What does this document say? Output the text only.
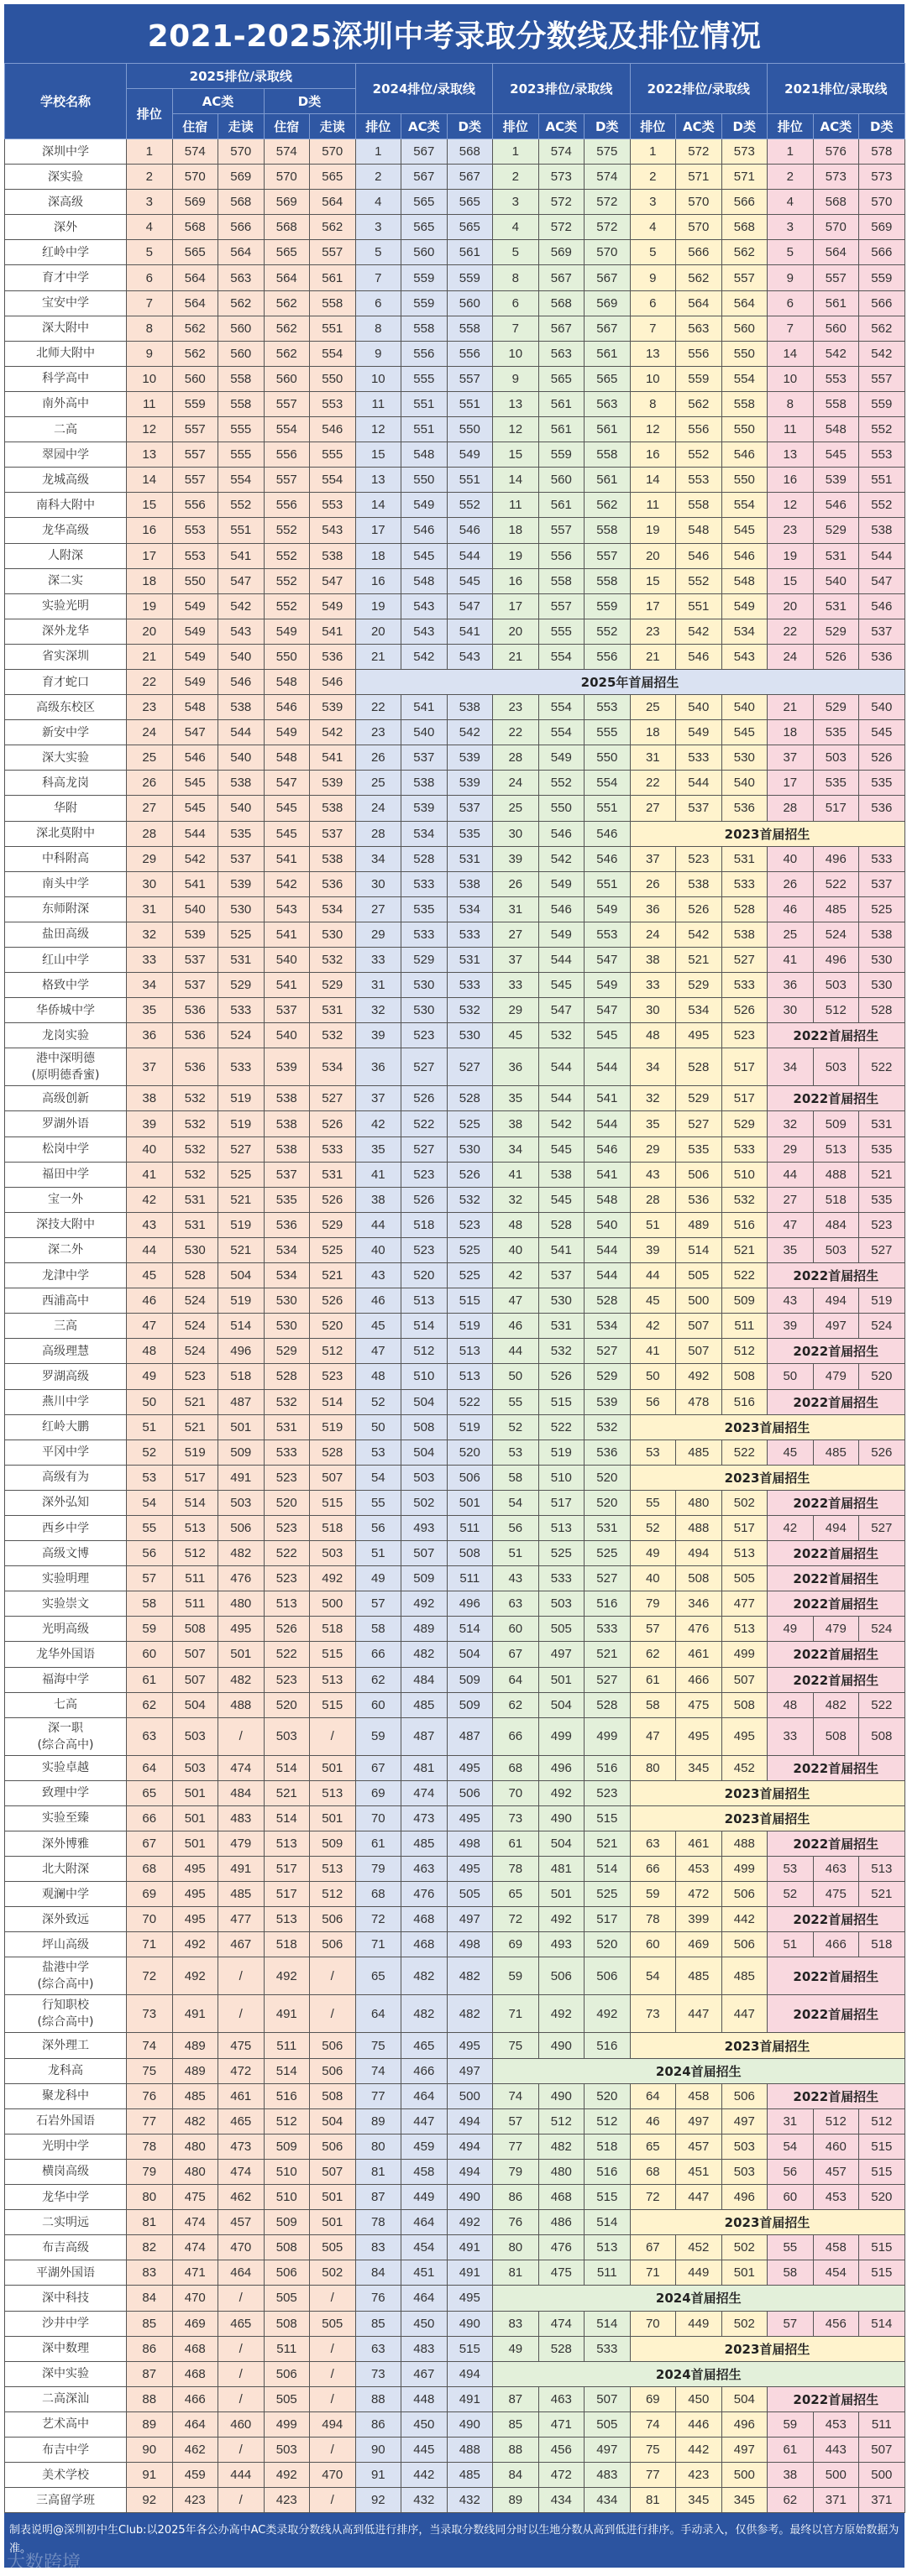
2021-2025深圳中考录取分数线及排位情况
学校名称	2025排位/录取线					2024排位/录取线			2023排位/录取线			2022排位/录取线			2021排位/录取线		
	排位	AC类		D类													
		住宿	走读	住宿	走读	排位	AC类	D类	排位	AC类	D类	排位	AC类	D类	排位	AC类	D类
深圳中学	1	574	570	574	570	1	567	568	1	574	575	1	572	573	1	576	578
深实验	2	570	569	570	565	2	567	567	2	573	574	2	571	571	2	573	573
深高级	3	569	568	569	564	4	565	565	3	572	572	3	570	566	4	568	570
深外	4	568	566	568	562	3	565	565	4	572	572	4	570	568	3	570	569
红岭中学	5	565	564	565	557	5	560	561	5	569	570	5	566	562	5	564	566
育才中学	6	564	563	564	561	7	559	559	8	567	567	9	562	557	9	557	559
宝安中学	7	564	562	562	558	6	559	560	6	568	569	6	564	564	6	561	566
深大附中	8	562	560	562	551	8	558	558	7	567	567	7	563	560	7	560	562
北师大附中	9	562	560	562	554	9	556	556	10	563	561	13	556	550	14	542	542
科学高中	10	560	558	560	550	10	555	557	9	565	565	10	559	554	10	553	557
南外高中	11	559	558	557	553	11	551	551	13	561	563	8	562	558	8	558	559
二高	12	557	555	554	546	12	551	550	12	561	561	12	556	550	11	548	552
翠园中学	13	557	555	556	555	15	548	549	15	559	558	16	552	546	13	545	553
龙城高级	14	557	554	557	554	13	550	551	14	560	561	14	553	550	16	539	551
南科大附中	15	556	552	556	553	14	549	552	11	561	562	11	558	554	12	546	552
龙华高级	16	553	551	552	543	17	546	546	18	557	558	19	548	545	23	529	538
人附深	17	553	541	552	538	18	545	544	19	556	557	20	546	546	19	531	544
深二实	18	550	547	552	547	16	548	545	16	558	558	15	552	548	15	540	547
实验光明	19	549	542	552	549	19	543	547	17	557	559	17	551	549	20	531	546
深外龙华	20	549	543	549	541	20	543	541	20	555	552	23	542	534	22	529	537
省实深圳	21	549	540	550	536	21	542	543	21	554	556	21	546	543	24	526	536
育才蛇口	22	549	546	548	546	2025年首届招生											
高级东校区	23	548	538	546	539	22	541	538	23	554	553	25	540	540	21	529	540
新安中学	24	547	544	549	542	23	540	542	22	554	555	18	549	545	18	535	545
深大实验	25	546	540	548	541	26	537	539	28	549	550	31	533	530	37	503	526
科高龙岗	26	545	538	547	539	25	538	539	24	552	554	22	544	540	17	535	535
华附	27	545	540	545	538	24	539	537	25	550	551	27	537	536	28	517	536
深北莫附中	28	544	535	545	537	28	534	535	30	546	546	2023首届招生					
中科附高	29	542	537	541	538	34	528	531	39	542	546	37	523	531	40	496	533
南头中学	30	541	539	542	536	30	533	538	26	549	551	26	538	533	26	522	537
东师附深	31	540	530	543	534	27	535	534	31	546	549	36	526	528	46	485	525
盐田高级	32	539	525	541	530	29	533	533	27	549	553	24	542	538	25	524	538
红山中学	33	537	531	540	532	33	529	531	37	544	547	38	521	527	41	496	530
格致中学	34	537	529	541	529	31	530	533	33	545	549	33	529	533	36	503	530
华侨城中学	35	536	533	537	531	32	530	532	29	547	547	30	534	526	30	512	528
龙岗实验	36	536	524	540	532	39	523	530	45	532	545	48	495	523	2022首届招生		
港中深明德
(原明德香蜜)	37	536	533	539	534	36	527	527	36	544	544	34	528	517	34	503	522
高级创新	38	532	519	538	527	37	526	528	35	544	541	32	529	517	2022首届招生		
罗湖外语	39	532	519	538	526	42	522	525	38	542	544	35	527	529	32	509	531
松岗中学	40	532	527	538	533	35	527	530	34	545	546	29	535	533	29	513	535
福田中学	41	532	525	537	531	41	523	526	41	538	541	43	506	510	44	488	521
宝一外	42	531	521	535	526	38	526	532	32	545	548	28	536	532	27	518	535
深技大附中	43	531	519	536	529	44	518	523	48	528	540	51	489	516	47	484	523
深二外	44	530	521	534	525	40	523	525	40	541	544	39	514	521	35	503	527
龙津中学	45	528	504	534	521	43	520	525	42	537	544	44	505	522	2022首届招生		
西浦高中	46	524	519	530	526	46	513	515	47	530	528	45	500	509	43	494	519
三高	47	524	514	530	520	45	514	519	46	531	534	42	507	511	39	497	524
高级理慧	48	524	496	529	512	47	512	513	44	532	527	41	507	512	2022首届招生		
罗湖高级	49	523	518	528	523	48	510	513	50	526	529	50	492	508	50	479	520
燕川中学	50	521	487	532	514	52	504	522	55	515	539	56	478	516	2022首届招生		
红岭大鹏	51	521	501	531	519	50	508	519	52	522	532	2023首届招生					
平冈中学	52	519	509	533	528	53	504	520	53	519	536	53	485	522	45	485	526
高级有为	53	517	491	523	507	54	503	506	58	510	520	2023首届招生					
深外弘知	54	514	503	520	515	55	502	501	54	517	520	55	480	502	2022首届招生		
西乡中学	55	513	506	523	518	56	493	511	56	513	531	52	488	517	42	494	527
高级文博	56	512	482	522	503	51	507	508	51	525	525	49	494	513	2022首届招生		
实验明理	57	511	476	523	492	49	509	511	43	533	527	40	508	505	2022首届招生		
实验崇文	58	511	480	513	500	57	492	496	63	503	516	79	346	477	2022首届招生		
光明高级	59	508	495	526	518	58	489	514	60	505	533	57	476	513	49	479	524
龙华外国语	60	507	501	522	515	66	482	504	67	497	521	62	461	499	2022首届招生		
福海中学	61	507	482	523	513	62	484	509	64	501	527	61	466	507	2022首届招生		
七高	62	504	488	520	515	60	485	509	62	504	528	58	475	508	48	482	522
深一职
(综合高中)	63	503	/	503	/	59	487	487	66	499	499	47	495	495	33	508	508
实验卓越	64	503	474	514	501	67	481	495	68	496	516	80	345	452	2022首届招生		
致理中学	65	501	484	521	513	69	474	506	70	492	523	2023首届招生					
实验至臻	66	501	483	514	501	70	473	495	73	490	515	2023首届招生					
深外博雅	67	501	479	513	509	61	485	498	61	504	521	63	461	488	2022首届招生		
北大附深	68	495	491	517	513	79	463	495	78	481	514	66	453	499	53	463	513
观澜中学	69	495	485	517	512	68	476	505	65	501	525	59	472	506	52	475	521
深外致远	70	495	477	513	506	72	468	497	72	492	517	78	399	442	2022首届招生		
坪山高级	71	492	467	518	506	71	468	498	69	493	520	60	469	506	51	466	518
盐港中学
(综合高中)	72	492	/	492	/	65	482	482	59	506	506	54	485	485	2022首届招生		
行知职校
(综合高中)	73	491	/	491	/	64	482	482	71	492	492	73	447	447	2022首届招生		
深外理工	74	489	475	511	506	75	465	495	75	490	516	2023首届招生					
龙科高	75	489	472	514	506	74	466	497	2024首届招生								
聚龙科中	76	485	461	516	508	77	464	500	74	490	520	64	458	506	2022首届招生		
石岩外国语	77	482	465	512	504	89	447	494	57	512	512	46	497	497	31	512	512
光明中学	78	480	473	509	506	80	459	494	77	482	518	65	457	503	54	460	515
横岗高级	79	480	474	510	507	81	458	494	79	480	516	68	451	503	56	457	515
龙华中学	80	475	462	510	501	87	449	490	86	468	515	72	447	496	60	453	520
二实明远	81	474	457	509	501	78	464	492	76	486	514	2023首届招生					
布吉高级	82	474	470	508	505	83	454	491	80	476	513	67	452	502	55	458	515
平湖外国语	83	471	464	506	502	84	451	491	81	475	511	71	449	501	58	454	515
深中科技	84	470	/	505	/	76	464	495	2024首届招生								
沙井中学	85	469	465	508	505	85	450	490	83	474	514	70	449	502	57	456	514
深中数理	86	468	/	511	/	63	483	515	49	528	533	2023首届招生					
深中实验	87	468	/	506	/	73	467	494	2024首届招生								
二高深汕	88	466	/	505	/	88	448	491	87	463	507	69	450	504	2022首届招生		
艺术高中	89	464	460	499	494	86	450	490	85	471	505	74	446	496	59	453	511
布吉中学	90	462	/	503	/	90	445	488	88	456	497	75	442	497	61	443	507
美术学校	91	459	444	492	470	91	442	485	84	472	483	77	423	500	38	500	500
三高留学班	92	423	/	423	/	92	432	432	89	434	434	81	345	345	62	371	371
制表说明@深圳初中生Club:以2025年各公办高中AC类录取分数线从高到低进行排序，当录取分数线同分时以生地分数从高到低进行排序。手动录入，仅供参考。最终以官方原始数据为准。
大数跨境
